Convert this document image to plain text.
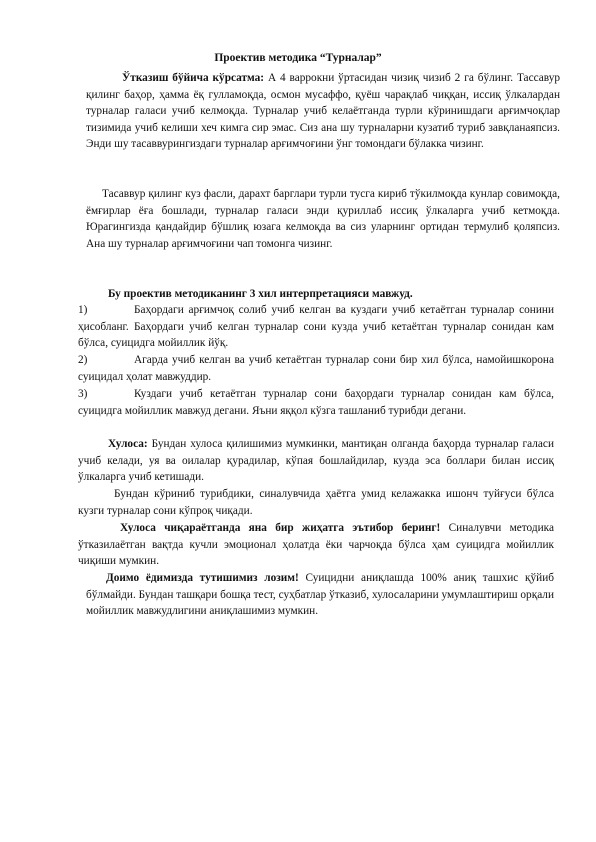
Проектив методика “Турналар”
Ўтказиш бўйича кўрсатма: А 4 варрокни ўртасидан чизиқ чизиб 2 га бўлинг. Тассавур қилинг баҳор, ҳамма ёқ гулламоқда, осмон мусаффо, қуёш чарақлаб чиққан, иссиқ ўлкалардан турналар галаси учиб келмоқда. Турналар учиб келаётганда турли кўринишдаги арғимчоқлар тизимида учиб келиши хеч кимга сир эмас. Сиз ана шу турналарни кузатиб туриб завқланаяпсиз. Энди шу тасаввурингиздаги турналар арғимчоғини ўнг томондаги бўлакка чизинг.
Тасаввур қилинг куз фасли, дарахт барглари турли тусга кириб тўкилмоқда кунлар совимоқда, ёмғирлар ёға бошлади, турналар галаси энди қуриллаб иссиқ ўлкаларга учиб кетмоқда. Юрагингизда қандайдир бўшлиқ юзага келмоқда ва сиз уларнинг ортидан термулиб қоляпсиз. Ана шу турналар арғимчоғини чап томонга чизинг.
Бу проектив методиканинг 3 хил интерпретацияси мавжуд.
1)	Баҳордаги арғимчоқ солиб учиб келган ва куздаги учиб кетаётган турналар сонини ҳисобланг. Баҳордаги учиб келган турналар сони кузда учиб кетаётган турналар сонидан кам бўлса, суицидга мойиллик йўқ.
2)	Агарда учиб келган ва учиб кетаётган турналар сони бир хил бўлса, намойишкорона суицидал ҳолат мавжуддир.
3)	Куздаги учиб кетаётган турналар сони баҳордаги турналар сонидан кам бўлса, суицидга мойиллик мавжуд дегани. Яъни яққол кўзга ташланиб турибди дегани.
Хулоса: Бундан хулоса қилишимиз мумкинки, мантиқан олганда баҳорда турналар галаси учиб келади, уя ва оилалар қурадилар, кўпая бошлайдилар, кузда эса боллари билан иссиқ ўлкаларга учиб кетишади.
Бундан кўриниб турибдики, синалувчида ҳаётга умид келажакка ишонч туйғуси бўлса кузги турналар сони кўпроқ чиқади.
Хулоса чиқараётганда яна бир жиҳатга эътибор беринг! Синалувчи методика ўтказилаётган вақтда кучли эмоционал ҳолатда ёки чарчоқда бўлса ҳам суицидга мойиллик чиқиши мумкин.
Доимо ёдимизда тутишимиз лозим! Суицидни аниқлашда 100% аниқ ташхис қўйиб бўлмайди. Бундан ташқари бошқа тест, суҳбатлар ўтказиб, хулосаларини умумлаштириш орқали мойиллик мавжудлигини аниқлашимиз мумкин.
